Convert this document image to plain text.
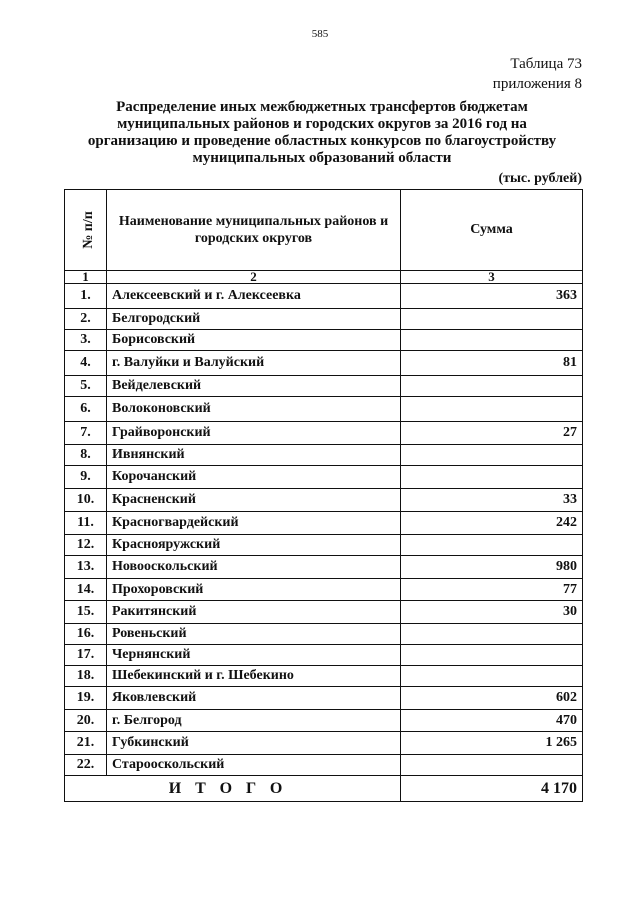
585
Таблица 73
приложения 8

Распределение иных межбюджетных трансфертов бюджетам муниципальных районов и городских округов за 2016 год на организацию и проведение областных конкурсов по благоустройству муниципальных образований области

(тыс. рублей)
№ п/п	Наименование муниципальных районов и городских округов	Сумма
1	2	3
1.	Алексеевский и г. Алексеевка	363
2.	Белгородский	
3.	Борисовский	
4.	г. Валуйки и Валуйский	81
5.	Вейделевский	
6.	Волоконовский	
7.	Грайворонский	27
8.	Ивнянский	
9.	Корочанский	
10.	Красненский	33
11.	Красногвардейский	242
12.	Краснояружский	
13.	Новооскольский	980
14.	Прохоровский	77
15.	Ракитянский	30
16.	Ровеньский	
17.	Чернянский	
18.	Шебекинский и г. Шебекино	
19.	Яковлевский	602
20.	г. Белгород	470
21.	Губкинский	1 265
22.	Старооскольский	
ИТОГО		4 170
